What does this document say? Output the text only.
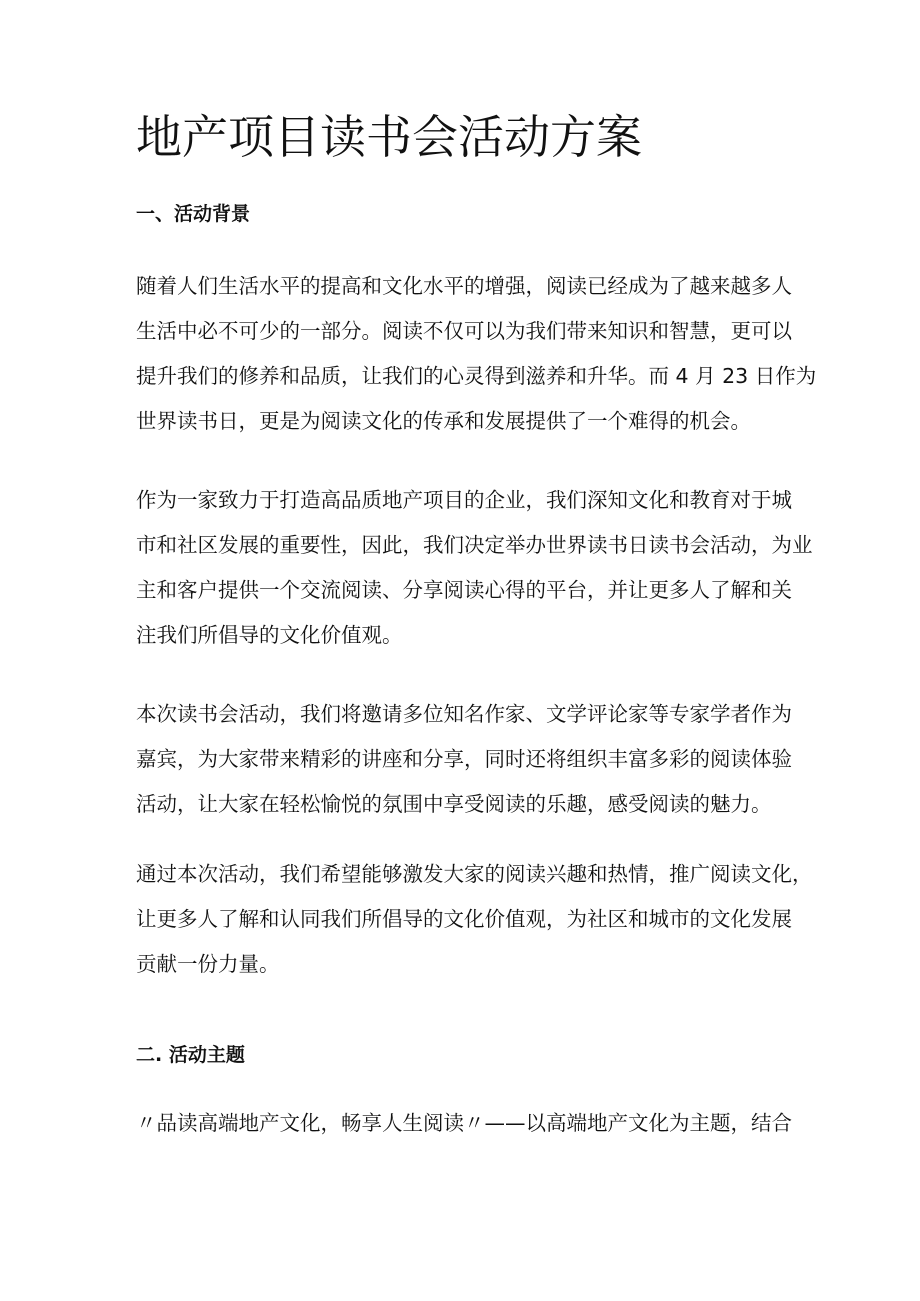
地产项目读书会活动方案
一、活动背景
随着人们生活水平的提高和文化水平的增强，阅读已经成为了越来越多人
生活中必不可少的一部分。阅读不仅可以为我们带来知识和智慧，更可以
提升我们的修养和品质，让我们的心灵得到滋养和升华。而 4 月 23 日作为
世界读书日，更是为阅读文化的传承和发展提供了一个难得的机会。
作为一家致力于打造高品质地产项目的企业，我们深知文化和教育对于城
市和社区发展的重要性，因此，我们决定举办世界读书日读书会活动，为业
主和客户提供一个交流阅读、分享阅读心得的平台，并让更多人了解和关
注我们所倡导的文化价值观。
本次读书会活动，我们将邀请多位知名作家、文学评论家等专家学者作为
嘉宾，为大家带来精彩的讲座和分享，同时还将组织丰富多彩的阅读体验
活动，让大家在轻松愉悦的氛围中享受阅读的乐趣，感受阅读的魅力。
通过本次活动，我们希望能够激发大家的阅读兴趣和热情，推广阅读文化，
让更多人了解和认同我们所倡导的文化价值观，为社区和城市的文化发展
贡献一份力量。
二. 活动主题
〃品读高端地产文化，畅享人生阅读〃——以高端地产文化为主题，结合
